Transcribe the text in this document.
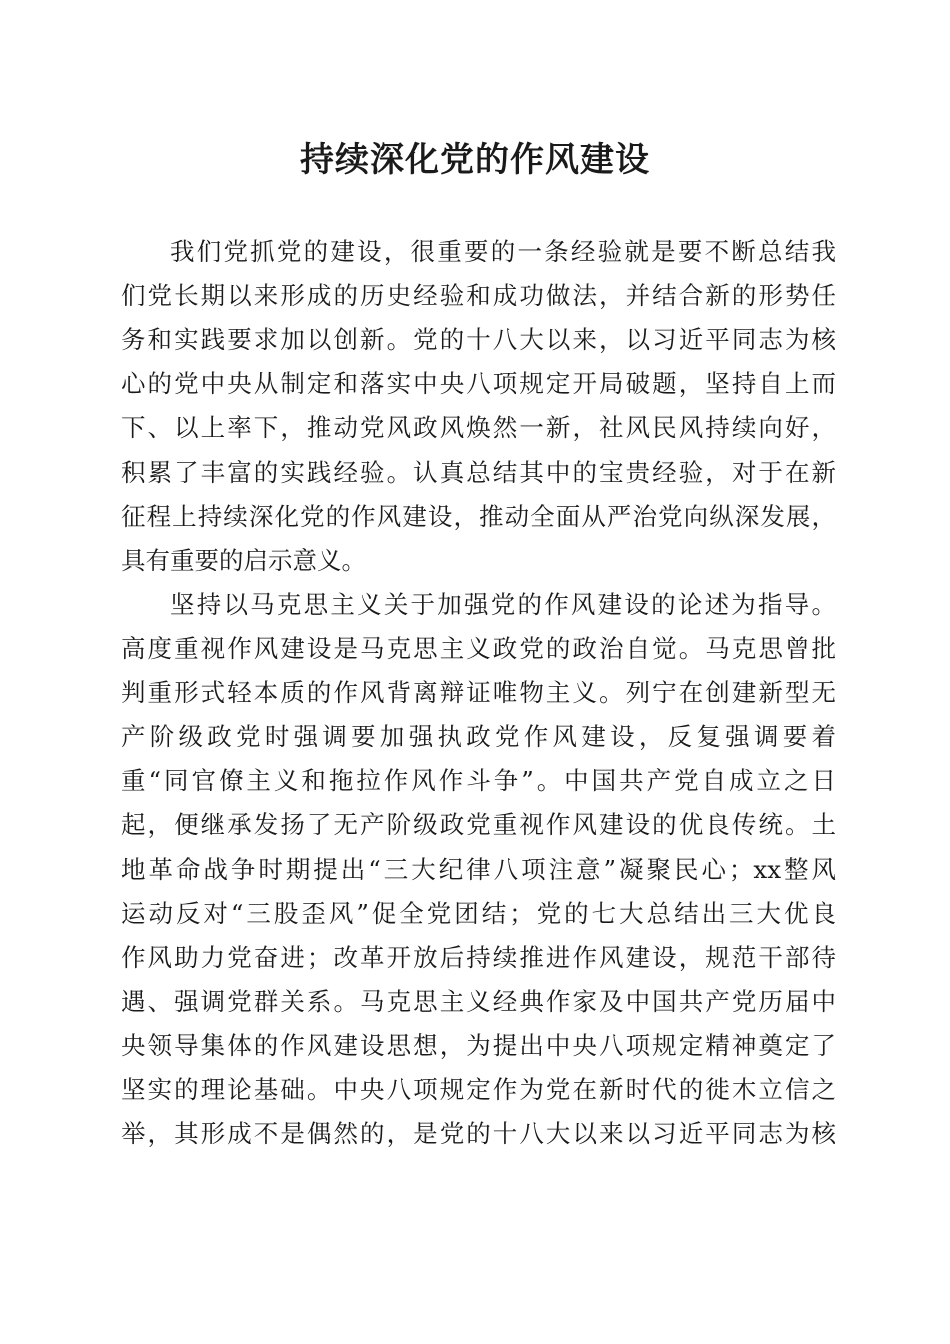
持续深化党的作风建设

我们党抓党的建设，很重要的一条经验就是要不断总结我

们党长期以来形成的历史经验和成功做法，并结合新的形势任

务和实践要求加以创新。党的十八大以来，以习近平同志为核

心的党中央从制定和落实中央八项规定开局破题，坚持自上而

下、以上率下，推动党风政风焕然一新，社风民风持续向好，

积累了丰富的实践经验。认真总结其中的宝贵经验，对于在新

征程上持续深化党的作风建设，推动全面从严治党向纵深发展，

具有重要的启示意义。

坚持以马克思主义关于加强党的作风建设的论述为指导。

高度重视作风建设是马克思主义政党的政治自觉。马克思曾批

判重形式轻本质的作风背离辩证唯物主义。列宁在创建新型无

产阶级政党时强调要加强执政党作风建设，反复强调要着

重“同官僚主义和拖拉作风作斗争”。中国共产党自成立之日

起，便继承发扬了无产阶级政党重视作风建设的优良传统。土

地革命战争时期提出“三大纪律八项注意”凝聚民心；xx整风

运动反对“三股歪风”促全党团结；党的七大总结出三大优良

作风助力党奋进；改革开放后持续推进作风建设，规范干部待

遇、强调党群关系。马克思主义经典作家及中国共产党历届中

央领导集体的作风建设思想，为提出中央八项规定精神奠定了

坚实的理论基础。中央八项规定作为党在新时代的徙木立信之

举，其形成不是偶然的，是党的十八大以来以习近平同志为核
